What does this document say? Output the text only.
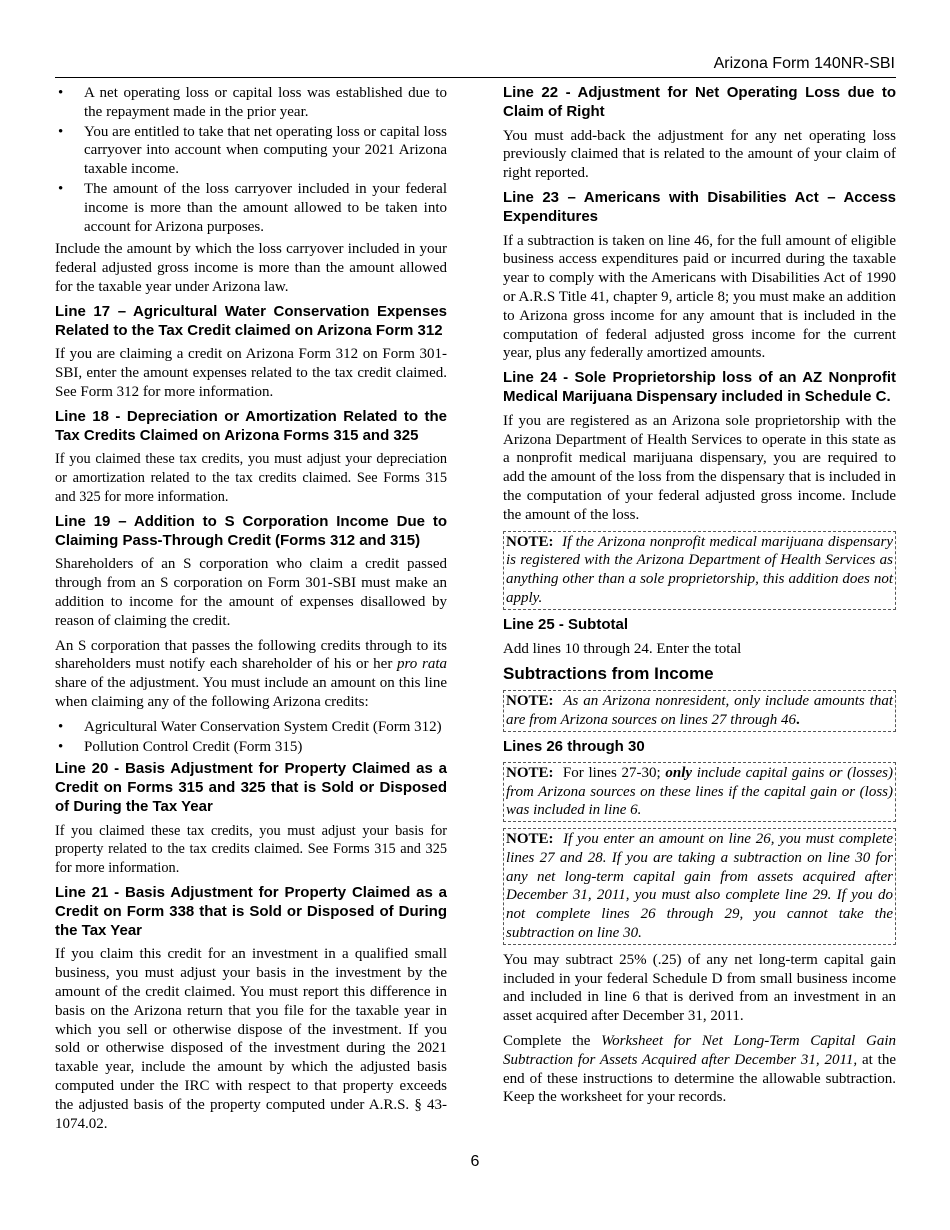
Arizona Form 140NR-SBI
• A net operating loss or capital loss was established due to the repayment made in the prior year.
• You are entitled to take that net operating loss or capital loss carryover into account when computing your 2021 Arizona taxable income.
• The amount of the loss carryover included in your federal income is more than the amount allowed to be taken into account for Arizona purposes.

Include the amount by which the loss carryover included in your federal adjusted gross income is more than the amount allowed for the taxable year under Arizona law.

Line 17 – Agricultural Water Conservation Expenses Related to the Tax Credit claimed on Arizona Form 312

If you are claiming a credit on Arizona Form 312 on Form 301-SBI, enter the amount expenses related to the tax credit claimed. See Form 312 for more information.

Line 18 - Depreciation or Amortization Related to the Tax Credits Claimed on Arizona Forms 315 and 325

If you claimed these tax credits, you must adjust your depreciation or amortization related to the tax credits claimed. See Forms 315 and 325 for more information.

Line 19 – Addition to S Corporation Income Due to Claiming Pass-Through Credit (Forms 312 and 315)

Shareholders of an S corporation who claim a credit passed through from an S corporation on Form 301-SBI must make an addition to income for the amount of expenses disallowed by reason of claiming the credit.

An S corporation that passes the following credits through to its shareholders must notify each shareholder of his or her pro rata share of the adjustment. You must include an amount on this line when claiming any of the following Arizona credits:

• Agricultural Water Conservation System Credit (Form 312)
• Pollution Control Credit (Form 315)
Line 20 - Basis Adjustment for Property Claimed as a Credit on Forms 315 and 325 that is Sold or Disposed of During the Tax Year

If you claimed these tax credits, you must adjust your basis for property related to the tax credits claimed. See Forms 315 and 325 for more information.

Line 21 - Basis Adjustment for Property Claimed as a Credit on Form 338 that is Sold or Disposed of During the Tax Year

If you claim this credit for an investment in a qualified small business, you must adjust your basis in the investment by the amount of the credit claimed. You must report this difference in basis on the Arizona return that you file for the taxable year in which you sell or otherwise dispose of the investment. If you sold or otherwise disposed of the investment during the 2021 taxable year, include the amount by which the adjusted basis computed under the IRC with respect to that property exceeds the adjusted basis of the property computed under A.R.S. § 43-1074.02.

Line 22 - Adjustment for Net Operating Loss due to Claim of Right

You must add-back the adjustment for any net operating loss previously claimed that is related to the amount of your claim of right reported.

Line 23 – Americans with Disabilities Act – Access Expenditures

If a subtraction is taken on line 46, for the full amount of eligible business access expenditures paid or incurred during the taxable year to comply with the Americans with Disabilities Act of 1990 or A.R.S Title 41, chapter 9, article 8; you must make an addition to Arizona gross income for any amount that is included in the computation of federal adjusted gross income for the current year, plus any federally amortized amounts.

Line 24 - Sole Proprietorship loss of an AZ Nonprofit Medical Marijuana Dispensary included in Schedule C.

If you are registered as an Arizona sole proprietorship with the Arizona Department of Health Services to operate in this state as a nonprofit medical marijuana dispensary, you are required to add the amount of the loss from the dispensary that is included in the computation of your federal adjusted gross income. Include the amount of the loss.

NOTE: If the Arizona nonprofit medical marijuana dispensary is registered with the Arizona Department of Health Services as anything other than a sole proprietorship, this addition does not apply.
Line 25 - Subtotal

Add lines 10 through 24. Enter the total

Subtractions from Income
NOTE: As an Arizona nonresident, only include amounts that are from Arizona sources on lines 27 through 46.
Lines 26 through 30
NOTE: For lines 27-30; only include capital gains or (losses) from Arizona sources on these lines if the capital gain or (loss) was included in line 6.
NOTE: If you enter an amount on line 26, you must complete lines 27 and 28. If you are taking a subtraction on line 30 for any net long-term capital gain from assets acquired after December 31, 2011, you must also complete line 29. If you do not complete lines 26 through 29, you cannot take the subtraction on line 30.

You may subtract 25% (.25) of any net long-term capital gain included in your federal Schedule D from small business income and included in line 6 that is derived from an investment in an asset acquired after December 31, 2011.

Complete the Worksheet for Net Long-Term Capital Gain Subtraction for Assets Acquired after December 31, 2011, at the end of these instructions to determine the allowable subtraction. Keep the worksheet for your records.

6
